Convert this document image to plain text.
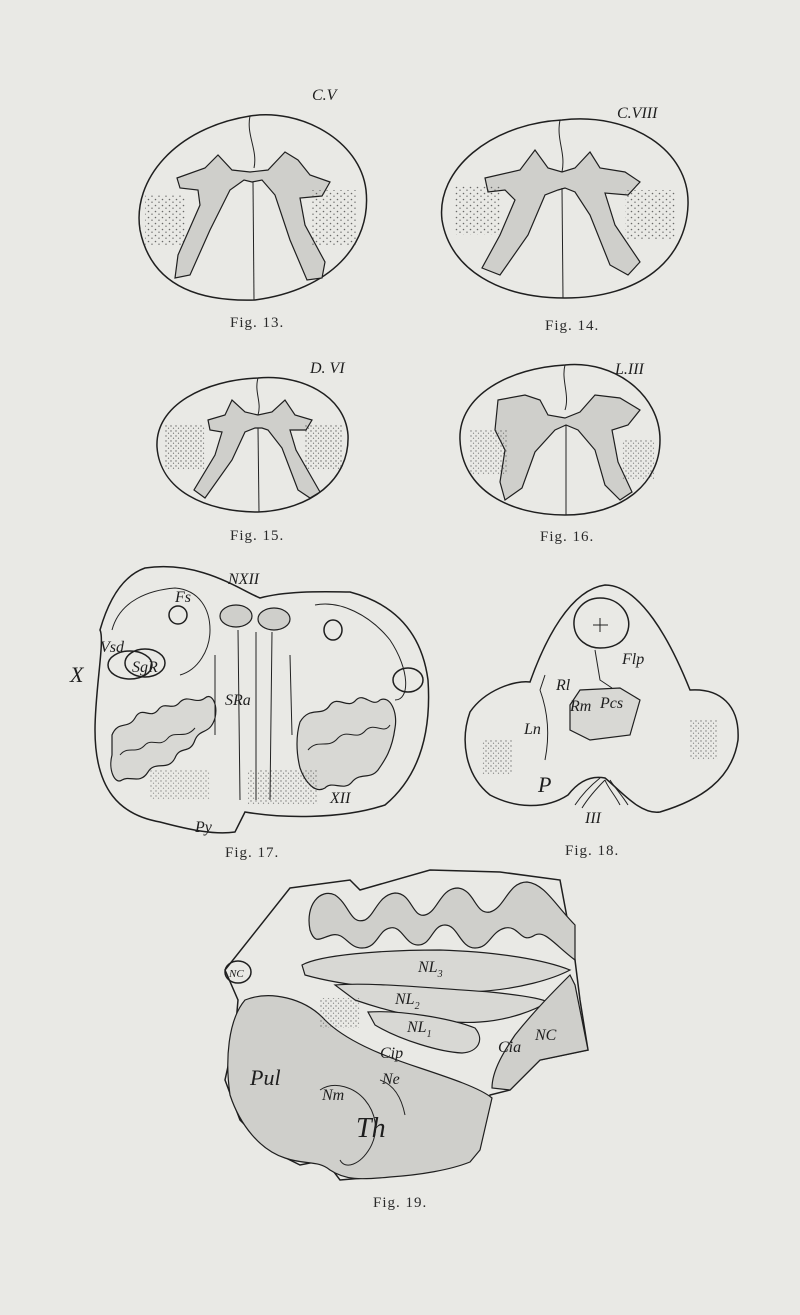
C.V
Fig. 13.
C.VIII
Fig. 14.
D. VI
Fig. 15.
L.III
Fig. 16.
NXII
Fs
Vsd
SgR
X
SRa
Py
XII
Fig. 17.
Flp
Rl
Rm Pcs
Ln
P
III
Fig. 18.
NC	$NL_3$
$NL_2$
$NL_1$
Cip	Cia
NC
Pul	Ne
Nm
Th
Fig. 19.
